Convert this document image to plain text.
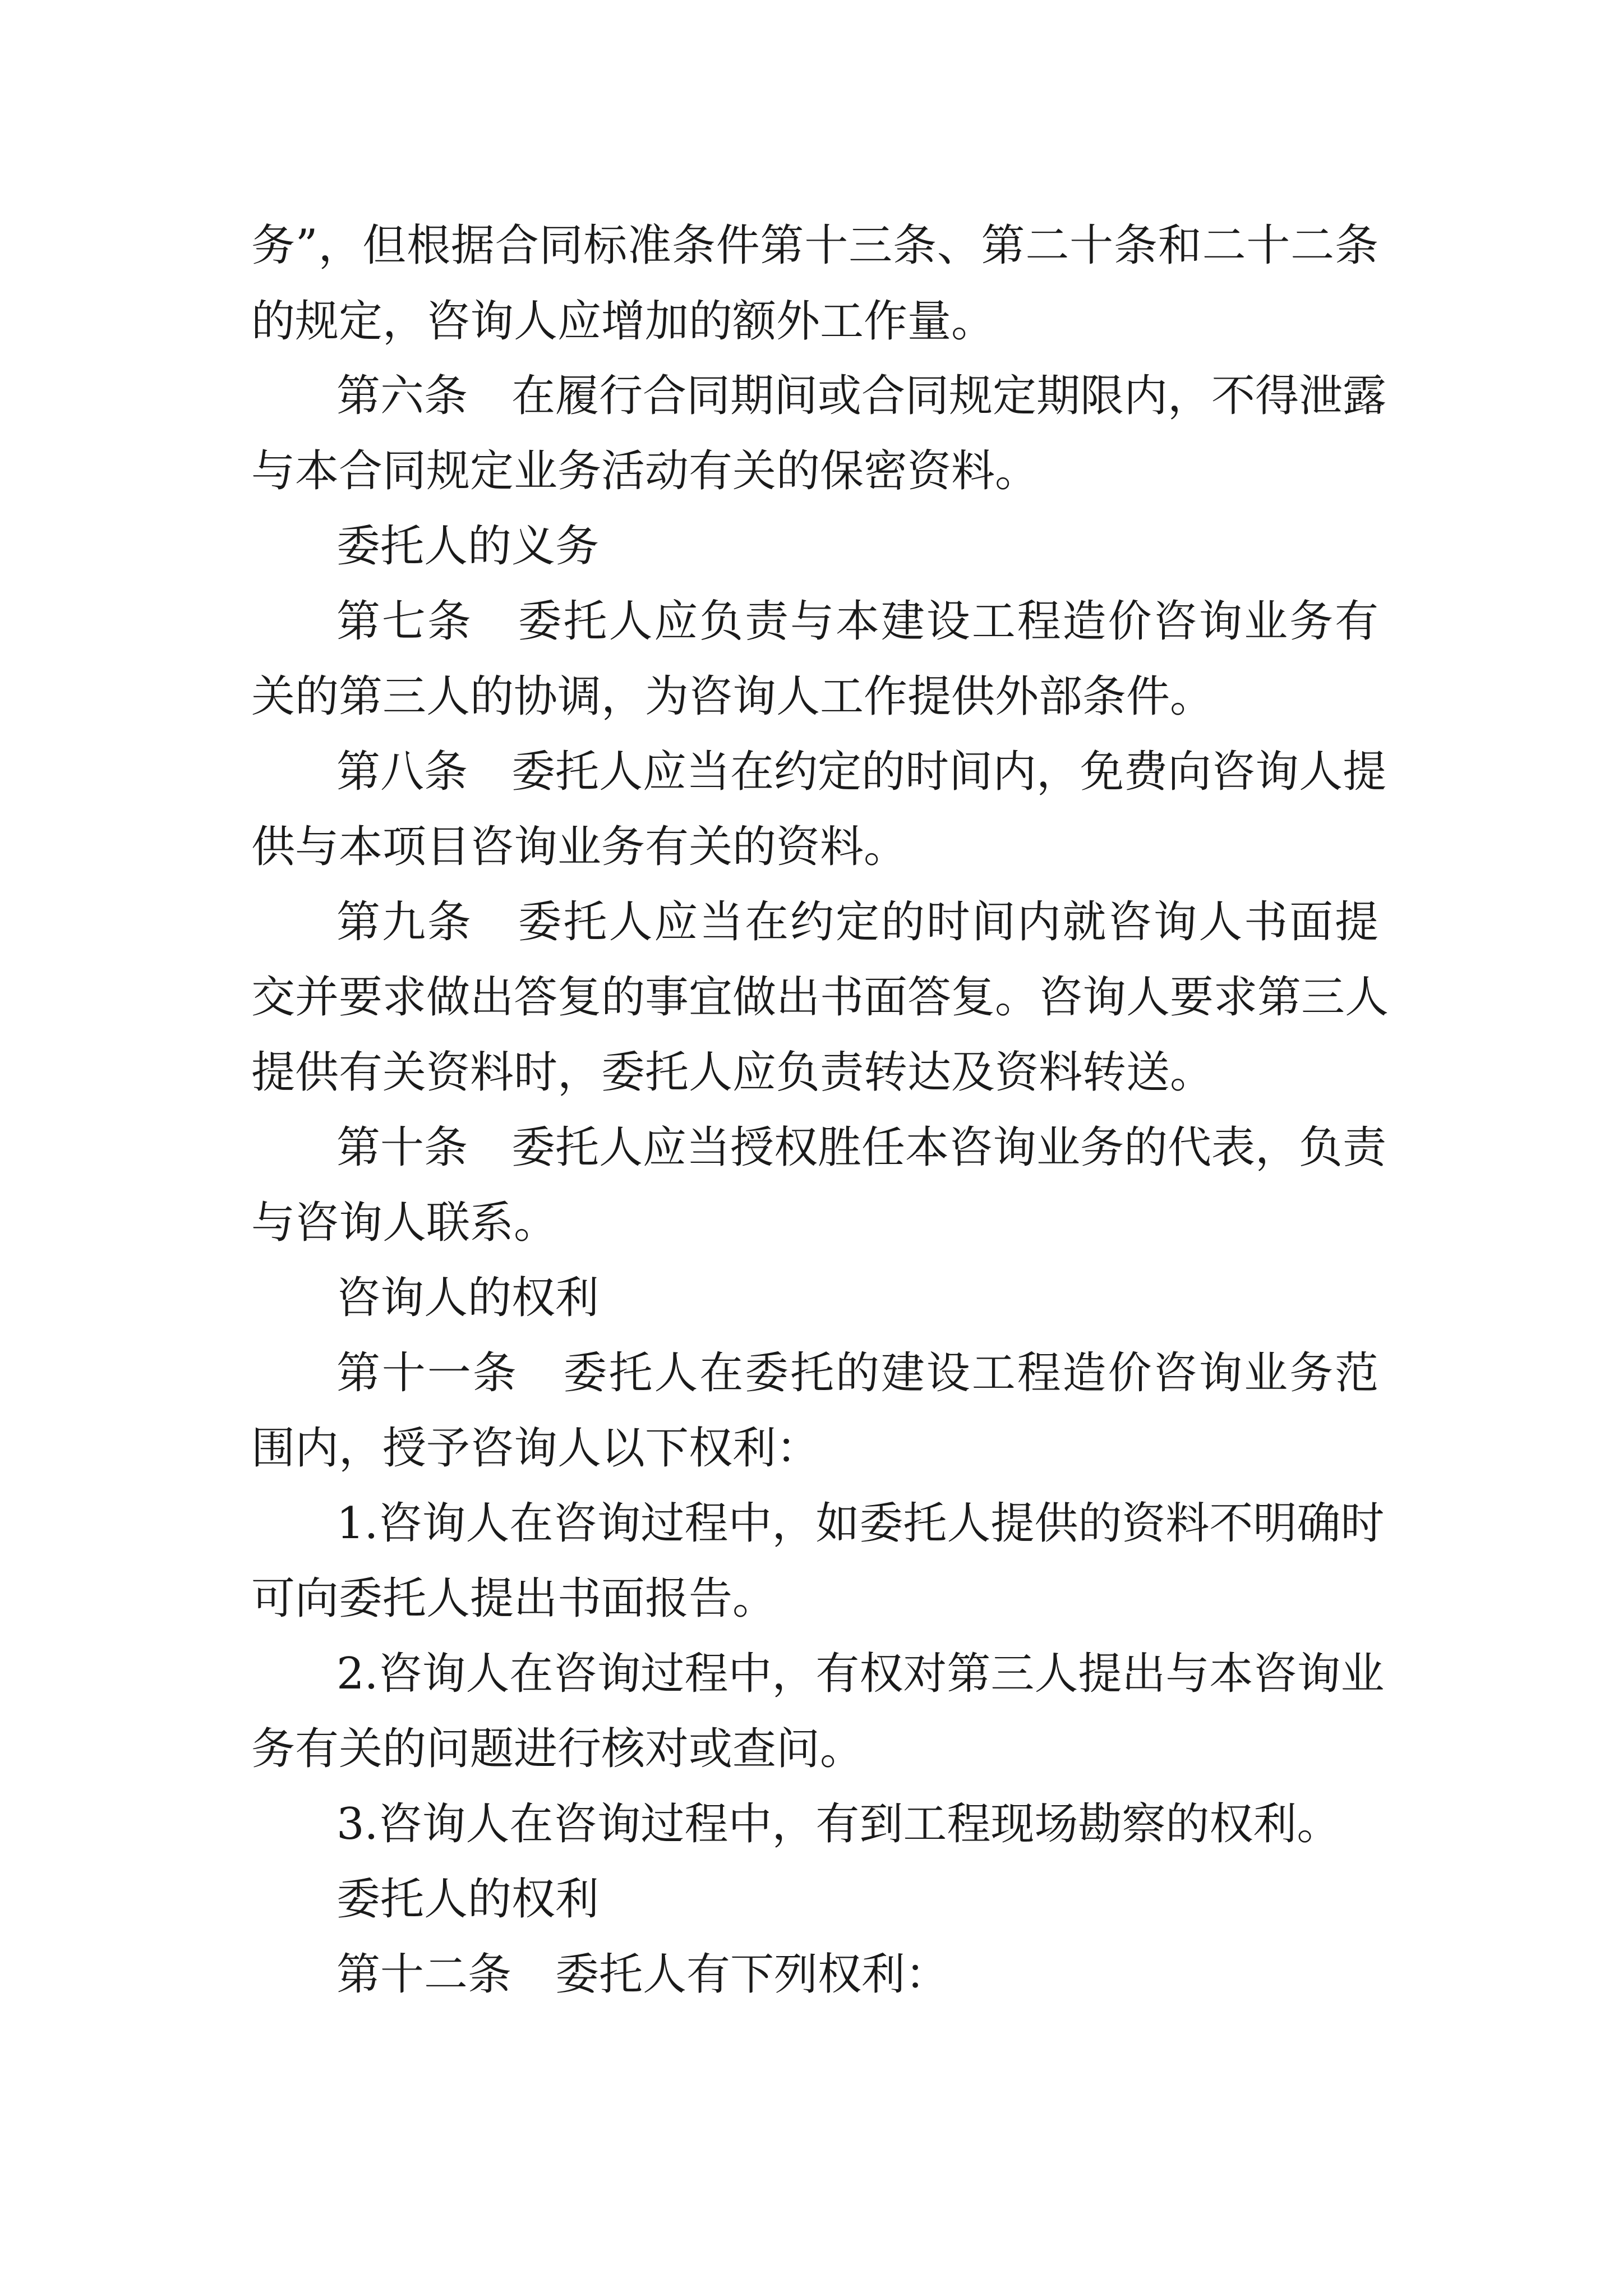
务”，但根据合同标准条件第十三条、第二十条和二十二条
的规定，咨询人应增加的额外工作量。
第六条　在履行合同期间或合同规定期限内，不得泄露
与本合同规定业务活动有关的保密资料。
委托人的义务
第七条　委托人应负责与本建设工程造价咨询业务有
关的第三人的协调，为咨询人工作提供外部条件。
第八条　委托人应当在约定的时间内，免费向咨询人提
供与本项目咨询业务有关的资料。
第九条　委托人应当在约定的时间内就咨询人书面提
交并要求做出答复的事宜做出书面答复。咨询人要求第三人
提供有关资料时，委托人应负责转达及资料转送。
第十条　委托人应当授权胜任本咨询业务的代表，负责
与咨询人联系。
咨询人的权利
第十一条　委托人在委托的建设工程造价咨询业务范
围内，授予咨询人以下权利：
1.咨询人在咨询过程中，如委托人提供的资料不明确时
可向委托人提出书面报告。
2.咨询人在咨询过程中，有权对第三人提出与本咨询业
务有关的问题进行核对或查问。
3.咨询人在咨询过程中，有到工程现场勘察的权利。
委托人的权利
第十二条　委托人有下列权利：
